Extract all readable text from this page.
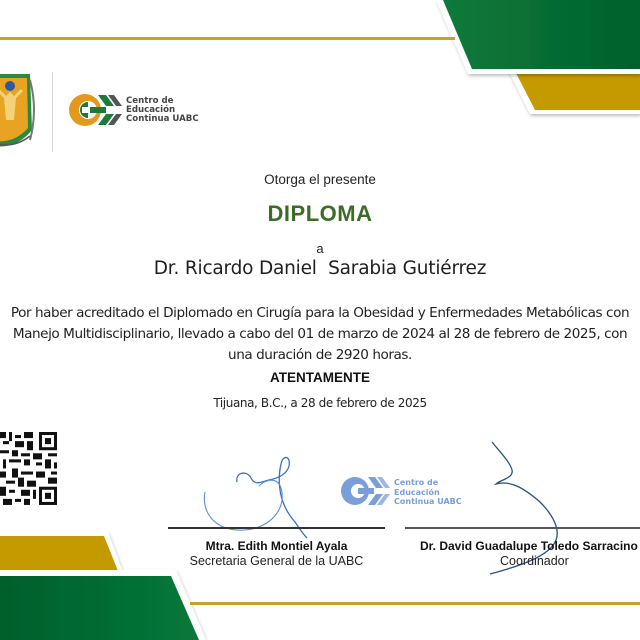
Centro de
Educación
Continua UABC
Otorga el presente
DIPLOMA
a
Dr. Ricardo Daniel  Sarabia Gutiérrez
Por haber acreditado el Diplomado en Cirugía para la Obesidad y Enfermedades Metabólicas con Manejo Multidisciplinario, llevado a cabo del 01 de marzo de 2024 al 28 de febrero de 2025, con una duración de 2920 horas.
ATENTAMENTE
Tijuana, B.C., a 28 de febrero de 2025
Centro de
Educación
Continua UABC
Mtra. Edith Montiel Ayala
Secretaria General de la UABC
Dr. David Guadalupe Toledo Sarracino
Coordinador
